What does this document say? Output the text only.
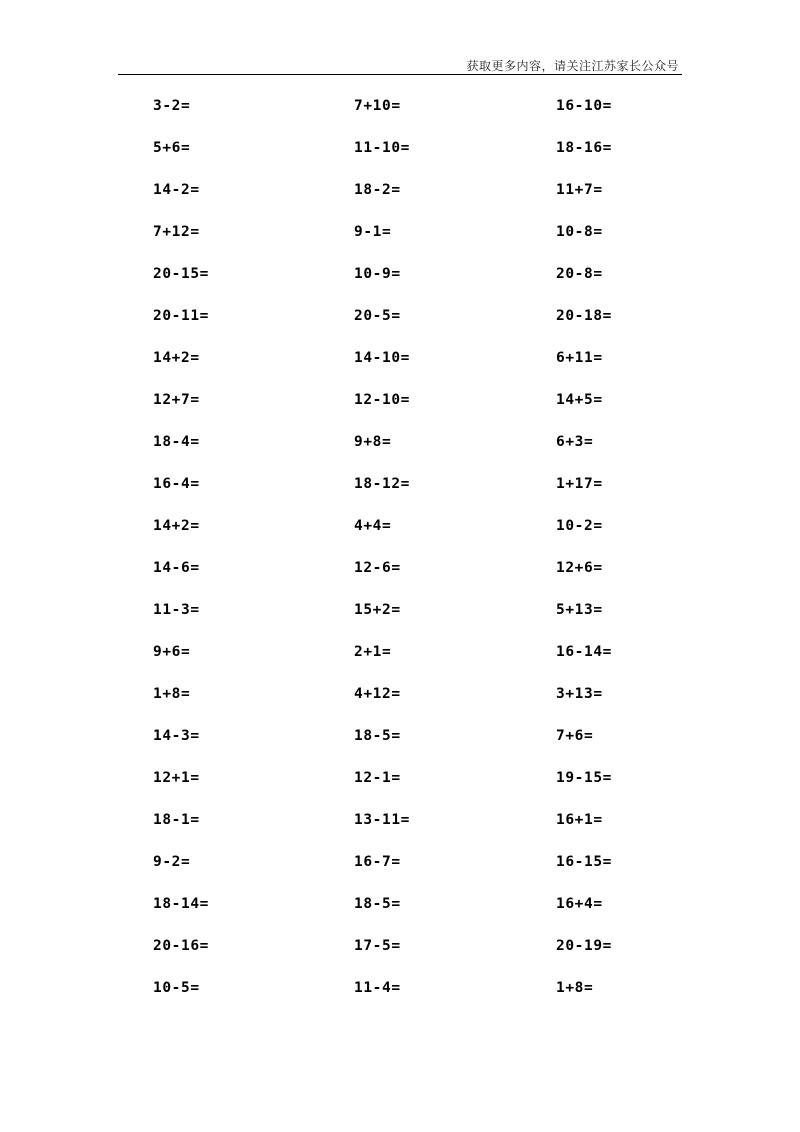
获取更多内容，请关注江苏家长公众号
3-2=
5+6=
14-2=
7+12=
20-15=
20-11=
14+2=
12+7=
18-4=
16-4=
14+2=
14-6=
11-3=
9+6=
1+8=
14-3=
12+1=
18-1=
9-2=
18-14=
20-16=
10-5=
7+10=
11-10=
18-2=
9-1=
10-9=
20-5=
14-10=
12-10=
9+8=
18-12=
4+4=
12-6=
15+2=
2+1=
4+12=
18-5=
12-1=
13-11=
16-7=
18-5=
17-5=
11-4=
16-10=
18-16=
11+7=
10-8=
20-8=
20-18=
6+11=
14+5=
6+3=
1+17=
10-2=
12+6=
5+13=
16-14=
3+13=
7+6=
19-15=
16+1=
16-15=
16+4=
20-19=
1+8=
